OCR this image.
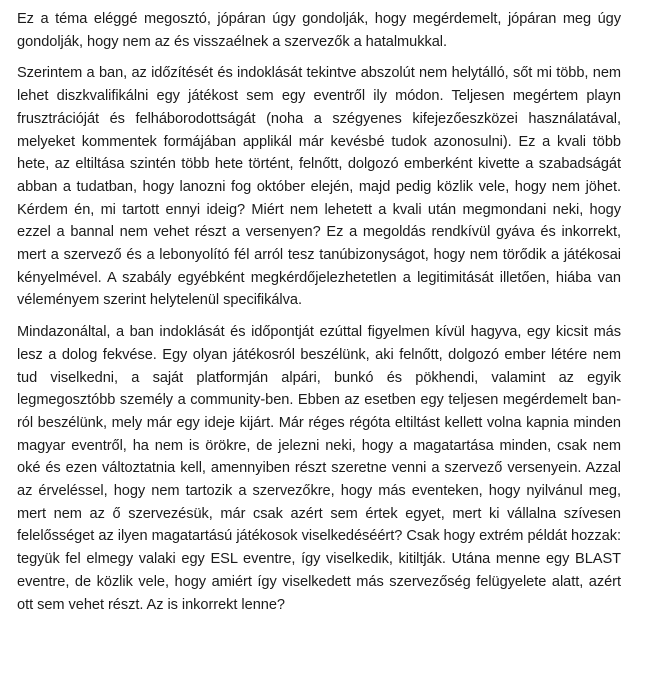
Ez a téma eléggé megosztó, jópáran úgy gondolják, hogy megérdemelt, jópáran meg úgy gondolják, hogy nem az és visszaélnek a szervezők a hatalmukkal.

Szerintem a ban, az időzítését és indoklását tekintve abszolút nem helytálló, sőt mi több, nem lehet diszkvalifikálni egy játékost sem egy eventről ily módon. Teljesen megértem playn frusztrációját és felháborodottságát (noha a szégyenes kifejezőeszközei használatával, melyeket kommentek formájában applikál már kevésbé tudok azonosulni). Ez a kvali több hete, az eltiltása szintén több hete történt, felnőtt, dolgozó emberként kivette a szabadságát abban a tudatban, hogy lanozni fog október elején, majd pedig közlik vele, hogy nem jöhet. Kérdem én, mi tartott ennyi ideig? Miért nem lehetett a kvali után megmondani neki, hogy ezzel a bannal nem vehet részt a versenyen? Ez a megoldás rendkívül gyáva és inkorrekt, mert a szervező és a lebonyolító fél arról tesz tanúbizonyságot, hogy nem törődik a játékosai kényelmével. A szabály egyébként megkérdőjelezhetetlen a legitimitását illetően, hiába van véleményem szerint helytelenül specifikálva.

Mindazonáltal, a ban indoklását és időpontját ezúttal figyelmen kívül hagyva, egy kicsit más lesz a dolog fekvése. Egy olyan játékosról beszélünk, aki felnőtt, dolgozó ember létére nem tud viselkedni, a saját platformján alpári, bunkó és pökhendi, valamint az egyik legmegosztóbb személy a community-ben. Ebben az esetben egy teljesen megérdemelt ban-ról beszélünk, mely már egy ideje kijárt. Már réges régóta eltiltást kellett volna kapnia minden magyar eventről, ha nem is örökre, de jelezni neki, hogy a magatartása minden, csak nem oké és ezen változtatnia kell, amennyiben részt szeretne venni a szervező versenyein. Azzal az érveléssel, hogy nem tartozik a szervezőkre, hogy más eventeken, hogy nyilvánul meg, mert nem az ő szervezésük, már csak azért sem értek egyet, mert ki vállalna szívesen felelősséget az ilyen magatartású játékosok viselkedéséért? Csak hogy extrém példát hozzak: tegyük fel elmegy valaki egy ESL eventre, így viselkedik, kitiltják. Utána menne egy BLAST eventre, de közlik vele, hogy amiért így viselkedett más szervezőség felügyelete alatt, azért ott sem vehet részt. Az is inkorrekt lenne?
